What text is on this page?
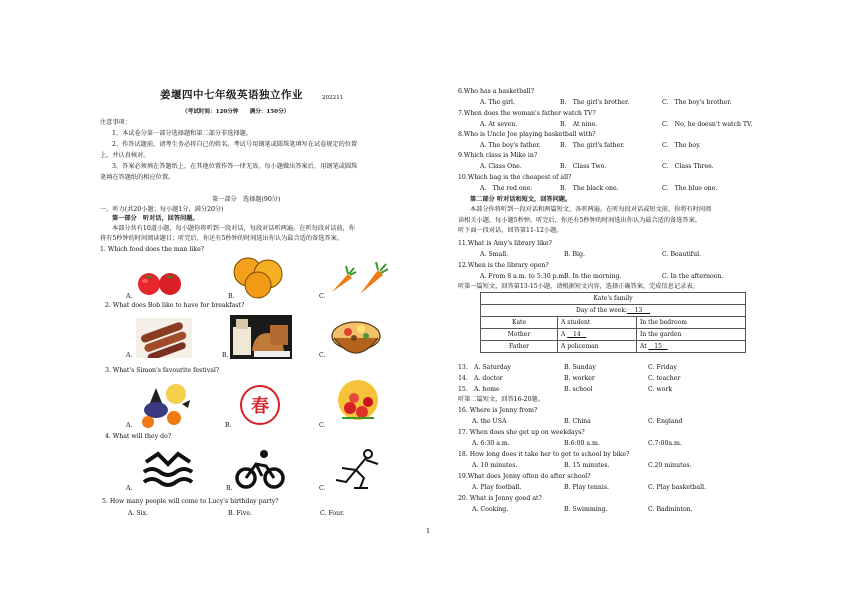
姜堰四中七年级英语独立作业	202211
（考试时间：120分钟　　满分：150分）
注意事项：
1、本试卷分第一部分选择题和第二部分非选择题。
2、作答试题前，请考生务必将自己的姓名、考试号用钢笔或圆珠笔填写在试卷规定的位置
上，并认真核对。
3、答案必须填在答题纸上，在其他位置作答一律无效。每小题做出答案后，用钢笔或圆珠
笔填在答题纸的相应位置。
第一部分　选择题(90分)
一、听力(共20小题；每小题1分，满分20分)
第一部分　听对话，回答问题。
本部分共有10道小题，每小题你将听到一段对话，每段对话听两遍。在听每段对话前，你
将有5秒钟的时间阅读题目；听完后，你还有5秒钟的时间选出你认为最合适的备选答案。
1. Which food does the man like?
A.	B.	C.
2. What does Bob like to have for breakfast?
A.	B.	C.
3. What's Simon's favourite festival?
A.	B.	C.
春
4. What will they do?
A.	B.	C.
5. How many people will come to Lucy's birthday party?
A. Six.	B. Five.	C. Four.
1
6.Who has a basketball?
A. The girl.	B.　The girl's brother.	C.　The boy's brother.
7.When does the woman's father watch TV?
A. At seven.	B.　At nine.	C.　No, he doesn't watch TV.
8.Who is Uncle Joe playing basketball with?
A. The boy's father.	B.　The girl's father.	C.　The boy.
9.Which class is Mike in?
A. Class One.	B.　Class Two.	C.　Class Three.
10.Which bag is the cheapest of all?
A.　The red one.	B.　The black one.	C.　The blue one.
第二部分 听对话和短文，回答问题。
本部分你将听到一段对话和两篇短文，各听两遍。在听每段对话或短文前，你将有时间阅
读相关小题，每小题5秒钟。听完后，你还有5秒钟的时间选出你认为最合适的备选答案。
听下面一段对话，回答第11-12小题。
11.What is Amy's library like?
A. Small.	B. Big.	C. Beautiful.
12.When is the library open?
A. From 8 a.m. to 5:30 p.m.
B. In the morning.	C. In the afternoon.
听第一篇短文，回答第13-15小题，请根据短文内容，选择正确答案，完成信息记录表。
Kate's family		
Day of the week: 13		
Kate	A student	In the bedroom
Mother	A 14	In the garden
Father	A policeman	At 15
13.　A. Saturday	B. Sunday	C. Friday
14.　A. doctor	B. worker	C. teacher
15.　A. home	B. school	C. work
听第二篇短文，回答16-20题。
16. Where is Jenny from?
A. the USA	B. China	C. England
17. When does she get up on weekdays?
A. 6:30 a.m.	B.6:00 a.m.	C.7:00a.m.
18. How long does it take her to get to school by bike?
A. 10 minutes.	B. 15 minutes.	C.20 minutes.
19.What does Jenny often do after school?
A. Play football.	B. Play tennis.	C. Play basketball.
20. What is Jenny good at?
A. Cooking.	B. Swimming.	C. Badminton.
